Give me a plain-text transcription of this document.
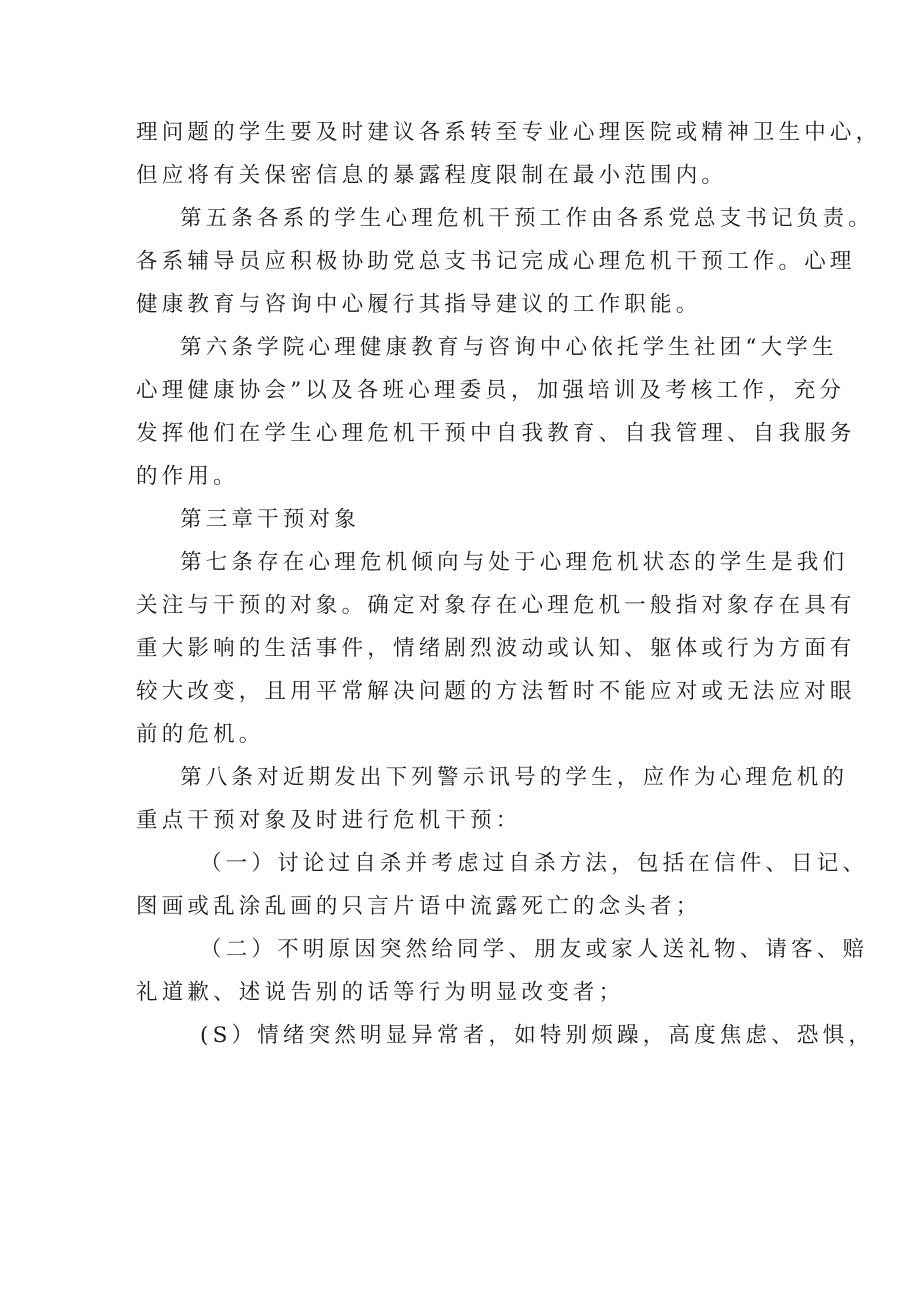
理问题的学生要及时建议各系转至专业心理医院或精神卫生中心，
但应将有关保密信息的暴露程度限制在最小范围内。
第五条各系的学生心理危机干预工作由各系党总支书记负责。
各系辅导员应积极协助党总支书记完成心理危机干预工作。心理
健康教育与咨询中心履行其指导建议的工作职能。
第六条学院心理健康教育与咨询中心依托学生社团“大学生
心理健康协会”以及各班心理委员，加强培训及考核工作，充分
发挥他们在学生心理危机干预中自我教育、自我管理、自我服务
的作用。
第三章干预对象
第七条存在心理危机倾向与处于心理危机状态的学生是我们
关注与干预的对象。确定对象存在心理危机一般指对象存在具有
重大影响的生活事件，情绪剧烈波动或认知、躯体或行为方面有
较大改变，且用平常解决问题的方法暂时不能应对或无法应对眼
前的危机。
第八条对近期发出下列警示讯号的学生，应作为心理危机的
重点干预对象及时进行危机干预：
（一）讨论过自杀并考虑过自杀方法，包括在信件、日记、
图画或乱涂乱画的只言片语中流露死亡的念头者；
（二）不明原因突然给同学、朋友或家人送礼物、请客、赔
礼道歉、述说告别的话等行为明显改变者；
(S）情绪突然明显异常者，如特别烦躁，高度焦虑、恐惧，
